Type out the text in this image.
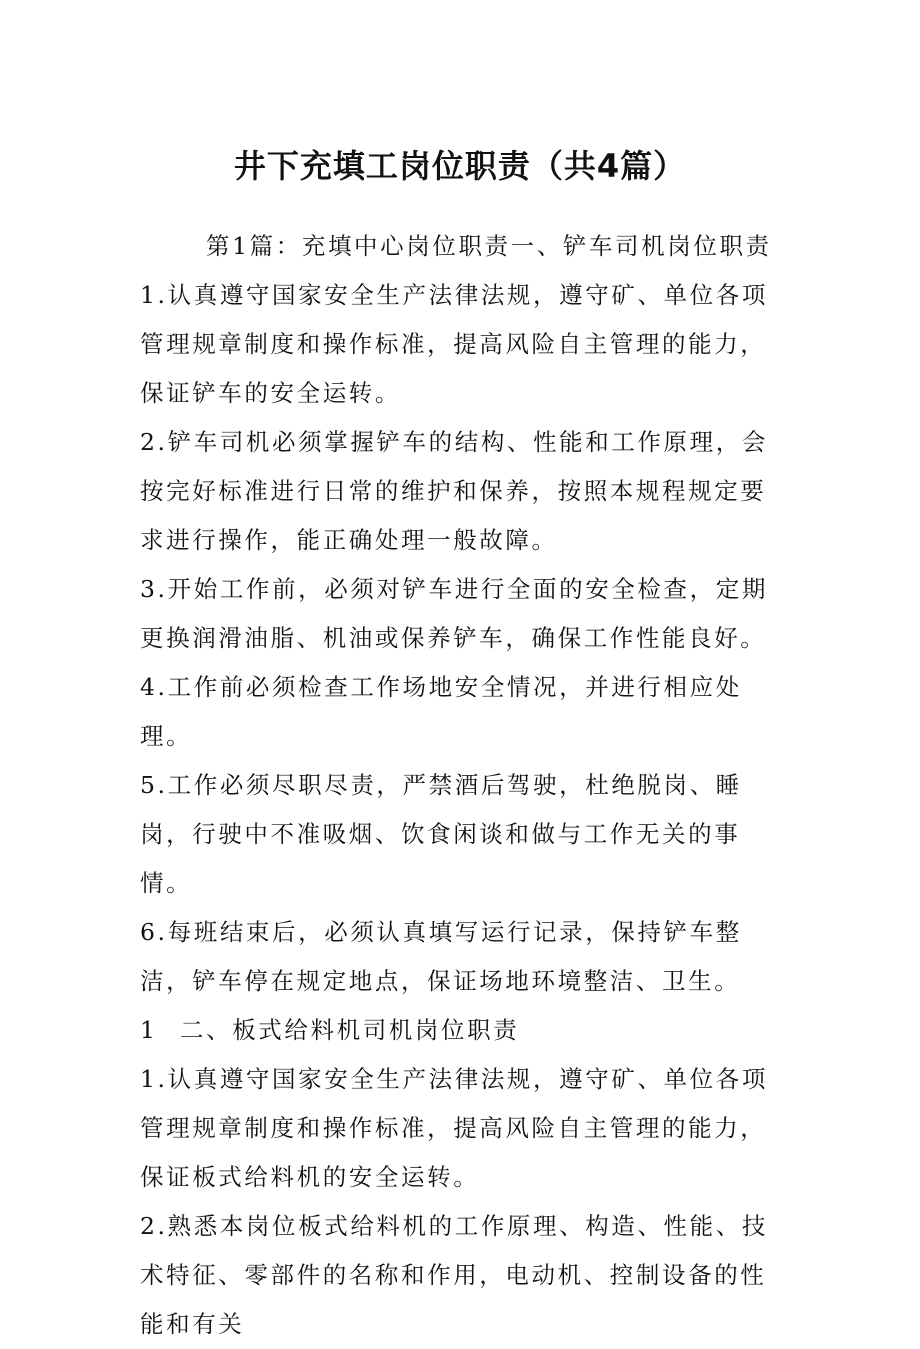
井下充填工岗位职责（共4篇）

第1篇：充填中心岗位职责一、铲车司机岗位职责

1.认真遵守国家安全生产法律法规，遵守矿、单位各项管理规章制度和操作标准，提高风险自主管理的能力，保证铲车的安全运转。

2.铲车司机必须掌握铲车的结构、性能和工作原理，会按完好标准进行日常的维护和保养，按照本规程规定要求进行操作，能正确处理一般故障。

3.开始工作前，必须对铲车进行全面的安全检查，定期更换润滑油脂、机油或保养铲车，确保工作性能良好。

4.工作前必须检查工作场地安全情况，并进行相应处理。

5.工作必须尽职尽责，严禁酒后驾驶，杜绝脱岗、睡岗，行驶中不准吸烟、饮食闲谈和做与工作无关的事情。

6.每班结束后，必须认真填写运行记录，保持铲车整洁，铲车停在规定地点，保证场地环境整洁、卫生。

1 二、板式给料机司机岗位职责

1.认真遵守国家安全生产法律法规，遵守矿、单位各项管理规章制度和操作标准，提高风险自主管理的能力，保证板式给料机的安全运转。

2.熟悉本岗位板式给料机的工作原理、构造、性能、技术特征、零部件的名称和作用，电动机、控制设备的性能和有关
